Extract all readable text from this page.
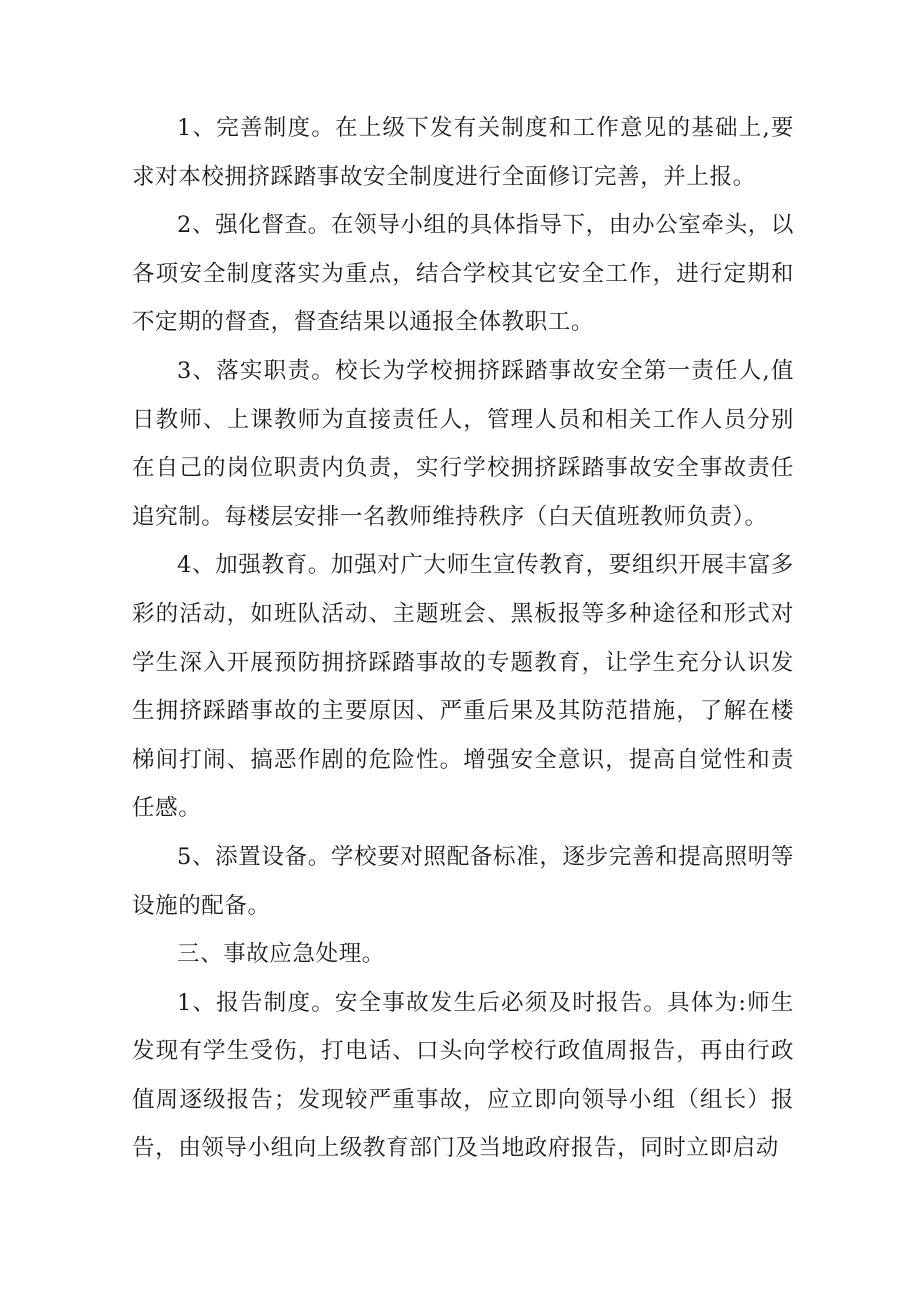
1、完善制度。在上级下发有关制度和工作意见的基础上,要求对本校拥挤踩踏事故安全制度进行全面修订完善，并上报。

2、强化督查。在领导小组的具体指导下，由办公室牵头，以各项安全制度落实为重点，结合学校其它安全工作，进行定期和不定期的督查，督查结果以通报全体教职工。

3、落实职责。校长为学校拥挤踩踏事故安全第一责任人,值日教师、上课教师为直接责任人，管理人员和相关工作人员分别在自己的岗位职责内负责，实行学校拥挤踩踏事故安全事故责任追究制。每楼层安排一名教师维持秩序（白天值班教师负责）。

4、加强教育。加强对广大师生宣传教育，要组织开展丰富多彩的活动，如班队活动、主题班会、黑板报等多种途径和形式对学生深入开展预防拥挤踩踏事故的专题教育，让学生充分认识发生拥挤踩踏事故的主要原因、严重后果及其防范措施，了解在楼梯间打闹、搞恶作剧的危险性。增强安全意识，提高自觉性和责任感。

5、添置设备。学校要对照配备标准，逐步完善和提高照明等设施的配备。

三、事故应急处理。

1、报告制度。安全事故发生后必须及时报告。具体为:师生发现有学生受伤，打电话、口头向学校行政值周报告，再由行政值周逐级报告；发现较严重事故，应立即向领导小组（组长）报告，由领导小组向上级教育部门及当地政府报告，同时立即启动
